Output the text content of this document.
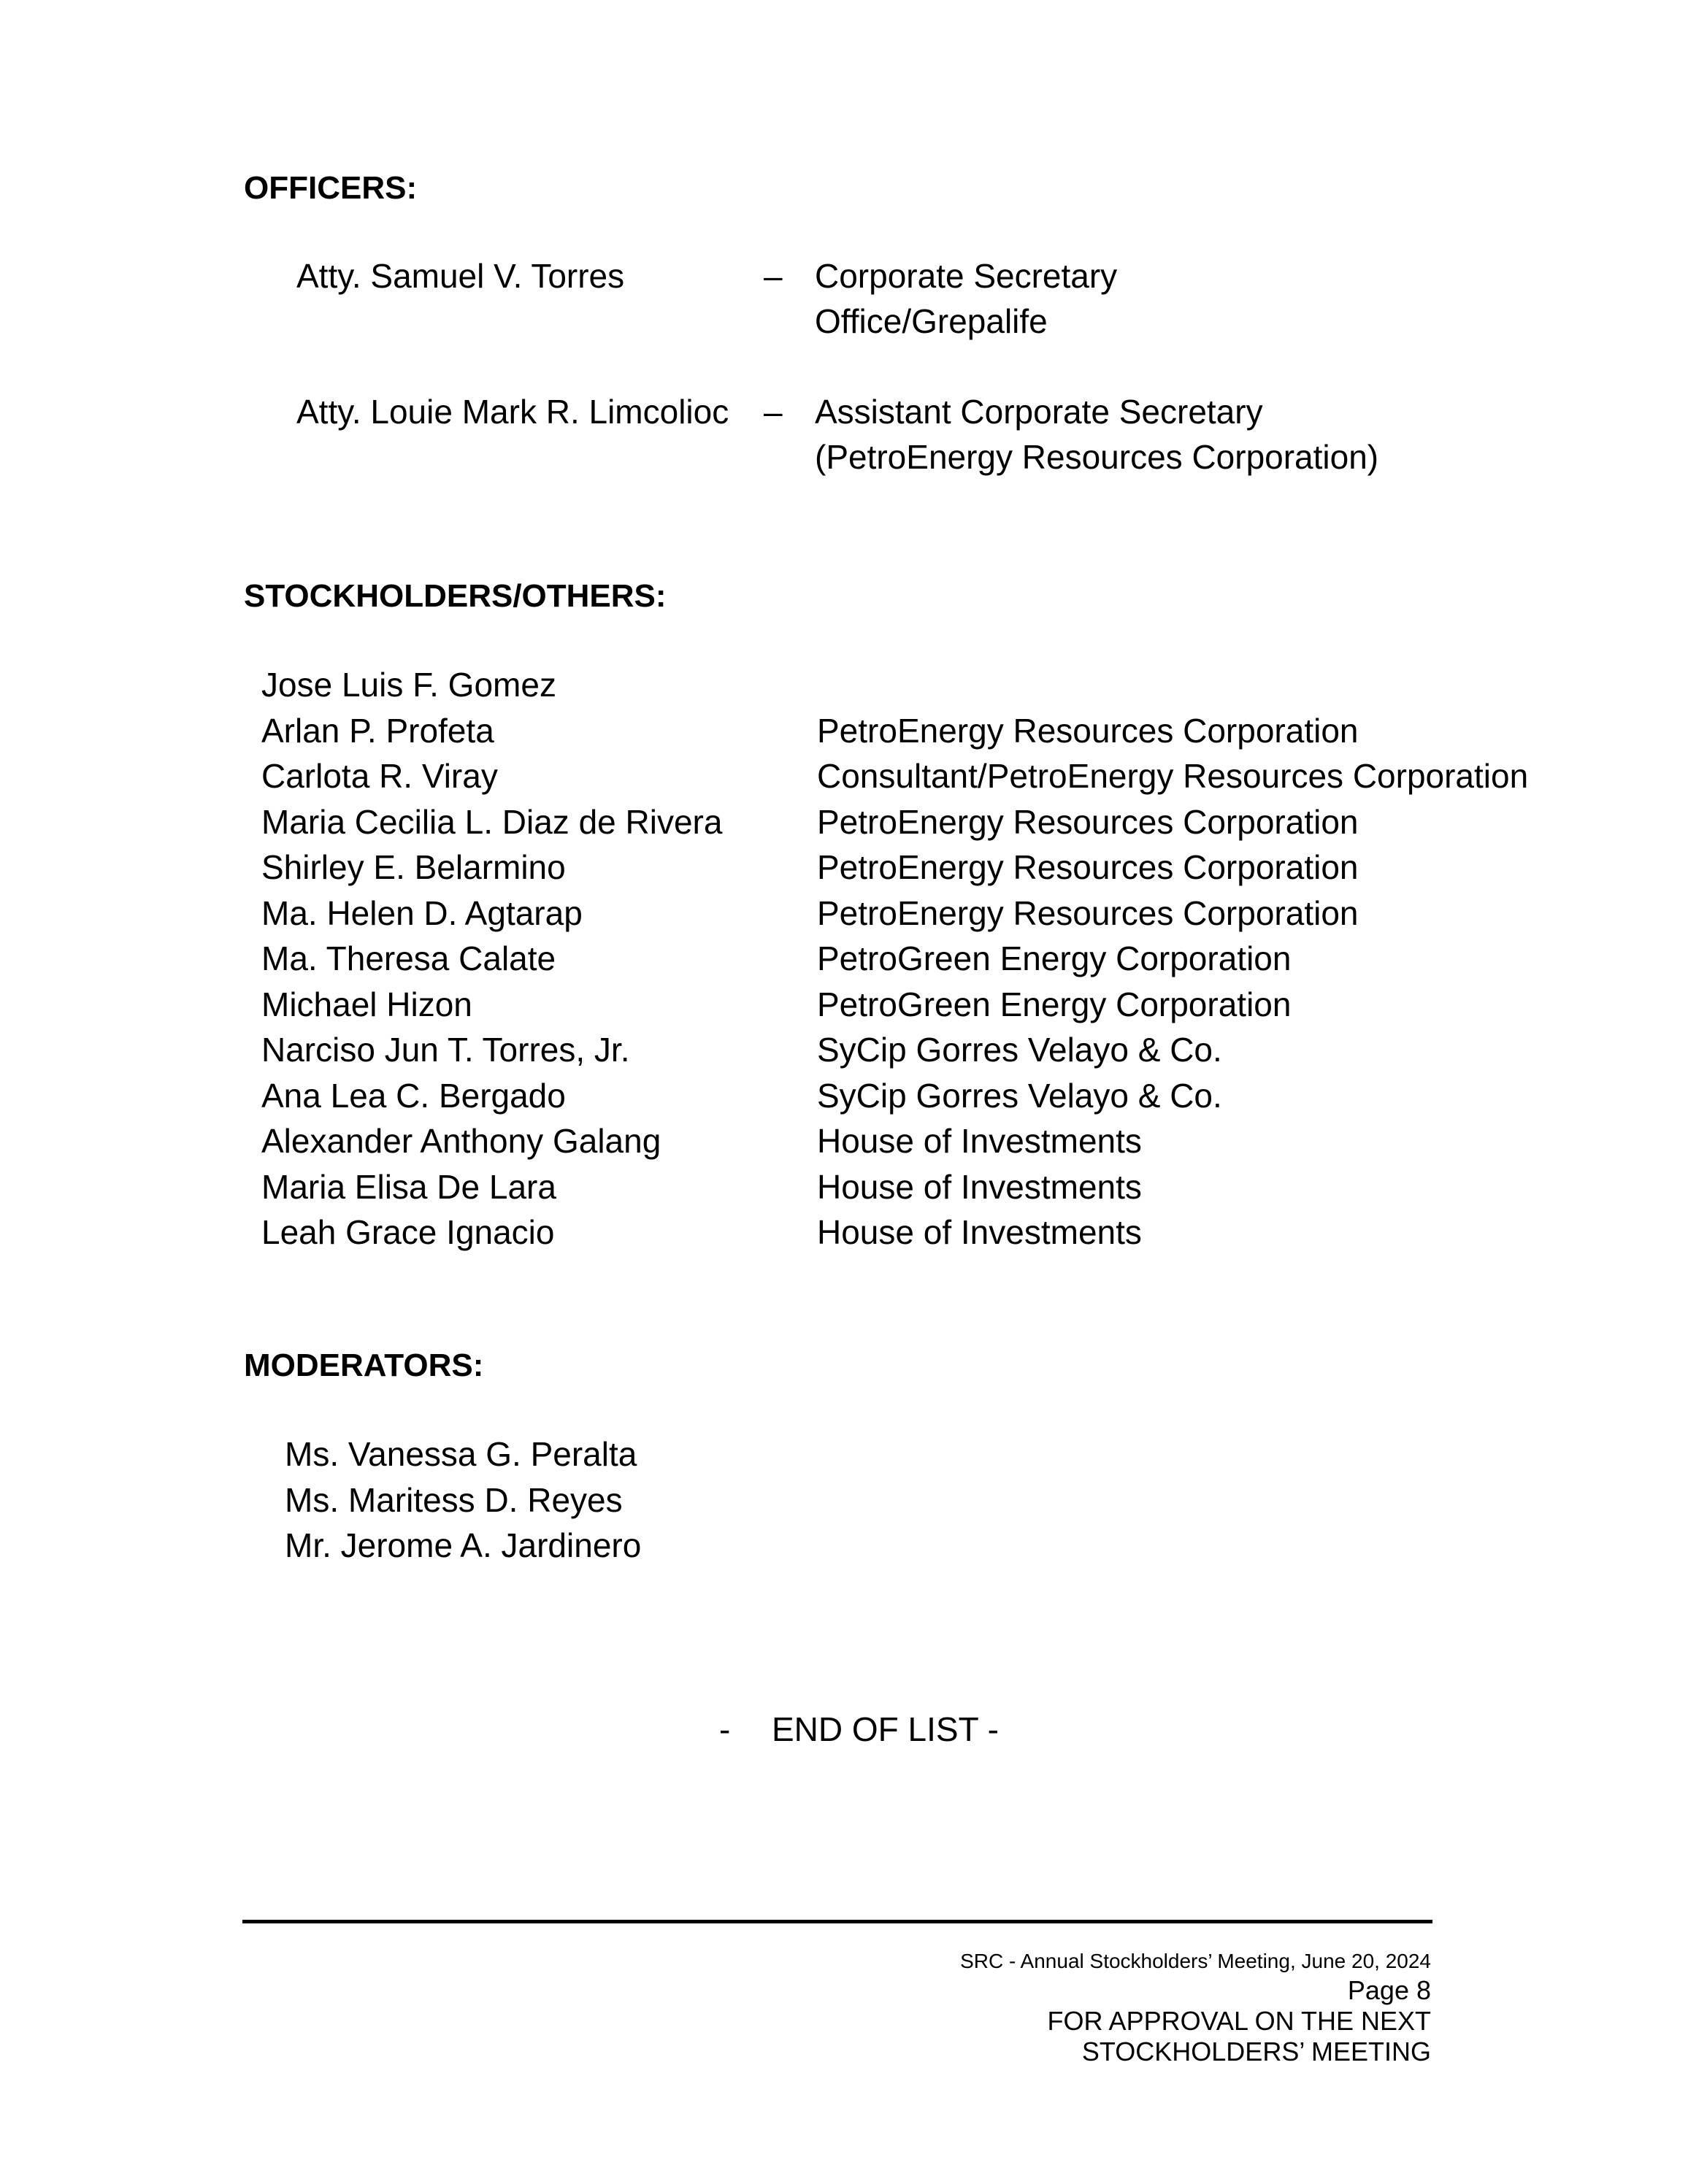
OFFICERS:
Atty. Samuel V. Torres	– Corporate Secretary
Office/Grepalife
Atty. Louie Mark R. Limcolioc – Assistant Corporate Secretary
(PetroEnergy Resources Corporation)
STOCKHOLDERS/OTHERS:
Jose Luis F. Gomez
Arlan P. Profeta	PetroEnergy Resources Corporation
Carlota R. Viray	Consultant/PetroEnergy Resources Corporation
Maria Cecilia L. Diaz de Rivera	PetroEnergy Resources Corporation
Shirley E. Belarmino	PetroEnergy Resources Corporation
Ma. Helen D. Agtarap	PetroEnergy Resources Corporation
Ma. Theresa Calate	PetroGreen Energy Corporation
Michael Hizon	PetroGreen Energy Corporation
Narciso Jun T. Torres, Jr.	SyCip Gorres Velayo & Co.
Ana Lea C. Bergado	SyCip Gorres Velayo & Co.
Alexander Anthony Galang	House of Investments
Maria Elisa De Lara	House of Investments
Leah Grace Ignacio	House of Investments
MODERATORS:
Ms. Vanessa G. Peralta
Ms. Maritess D. Reyes
Mr. Jerome A. Jardinero
- END OF LIST -
SRC - Annual Stockholders’ Meeting, June 20, 2024
Page 8
FOR APPROVAL ON THE NEXT
STOCKHOLDERS’ MEETING
